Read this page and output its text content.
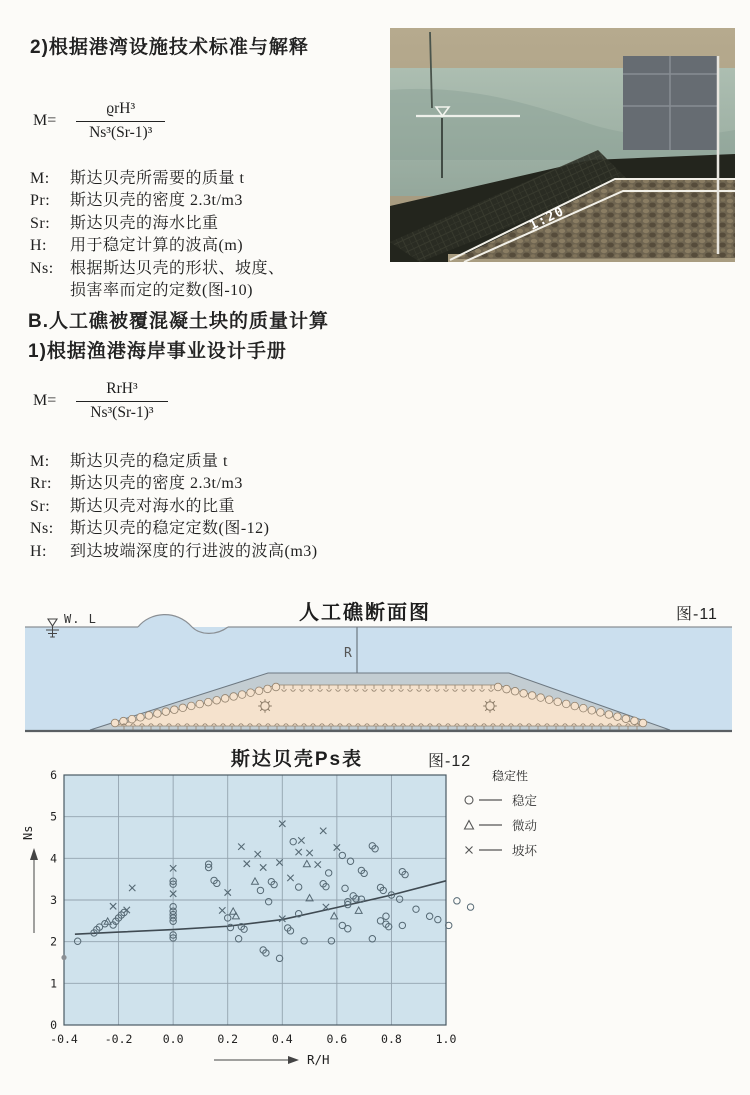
2)根据港湾设施技术标准与解释
$M= \frac{\text{ϱrH³}}{\text{Ns³(Sr-1)³}}$
M: 斯达贝壳所需要的质量 t
Pr: 斯达贝壳的密度 2.3t/m3
Sr: 斯达贝壳的海水比重
H: 用于稳定计算的波高(m)
Ns: 根据斯达贝壳的形状、坡度、
损害率而定的定数(图-10)
1:20
B.人工礁被覆混凝土块的质量计算
1)根据渔港海岸事业设计手册
$M= \frac{\text{RrH³}}{\text{Ns³(Sr-1)³}}$
M: 斯达贝壳的稳定质量 t
Rr: 斯达贝壳的密度 2.3t/m3
Sr: 斯达贝壳对海水的比重
Ns: 斯达贝壳的稳定定数(图-12)
H: 到达坡端深度的行进波的波高(m3)
人工礁断面图	图-11
R
W. L
斯达贝壳Ps表	图-12
-0.4 -0.2	0.0	0.2	0.4	0.6	0.8	1.0
0
1
2
3
4
5
6
Ns
R/H
稳定性
稳定
微动
坡坏
